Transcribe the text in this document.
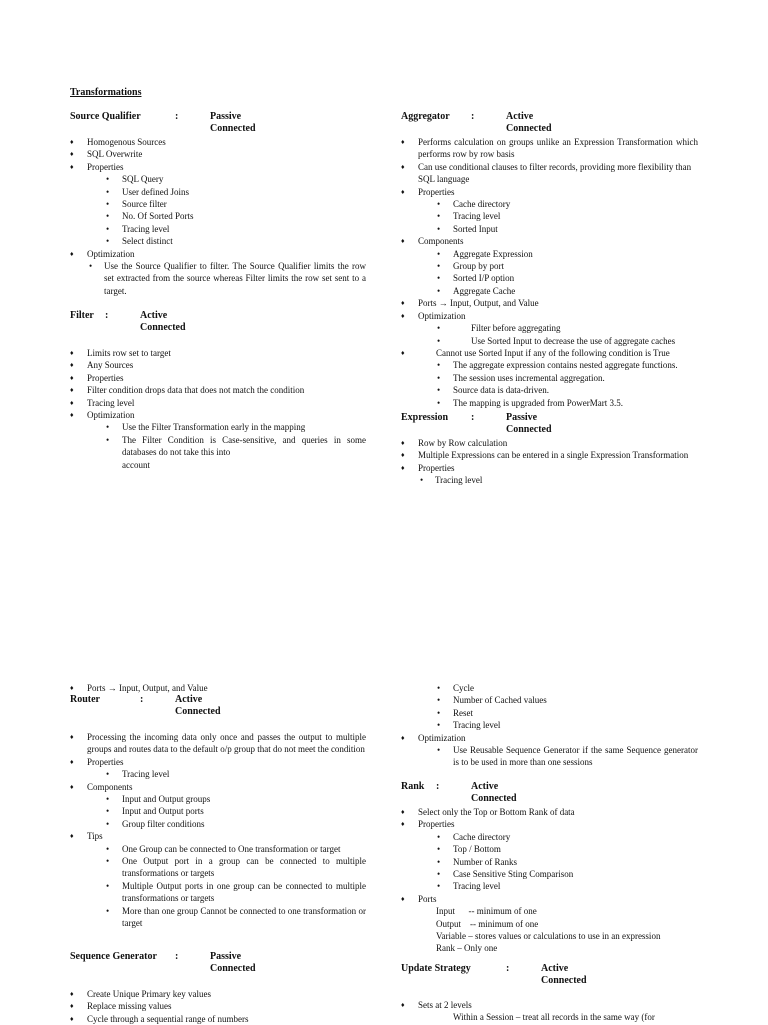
Transformations
Source Qualifier	:	Passive
Connected
♦ Homogenous Sources
♦ SQL Overwrite
♦ Properties
• SQL Query
• User defined Joins
• Source filter
• No. Of Sorted Ports
• Tracing level
• Select distinct
♦ Optimization
• Use the Source Qualifier to filter. The Source Qualifier limits the row set extracted from the source whereas Filter limits the row set sent to a target.
Filter :	Active
Connected
♦ Limits row set to target
♦ Any Sources
♦ Properties
♦ Filter condition drops data that does not match the condition
♦ Tracing level
♦ Optimization
• Use the Filter Transformation early in the mapping
• The Filter Condition is Case-sensitive, and queries in some databases do not take this into
account
Aggregator :	Active
Connected
♦ Performs calculation on groups unlike an Expression Transformation which performs row by row basis
♦ Can use conditional clauses to filter records, providing more flexibility than SQL language
♦ Properties
• Cache directory
• Tracing level
• Sorted Input
♦ Components
• Aggregate Expression
• Group by port
• Sorted I/P option
• Aggregate Cache
♦ Ports → Input, Output, and Value
♦ Optimization
•	Filter before aggregating
•	Use Sorted Input to decrease the use of aggregate caches
♦	Cannot use Sorted Input if any of the following condition is True
• The aggregate expression contains nested aggregate functions.
• The session uses incremental aggregation.
• Source data is data-driven.
• The mapping is upgraded from PowerMart 3.5.
Expression :	Passive
Connected
♦ Row by Row calculation
♦ Multiple Expressions can be entered in a single Expression Transformation
♦ Properties
• Tracing level
♦ Ports → Input, Output, and Value
Router	:	Active
Connected
♦ Processing the incoming data only once and passes the output to multiple groups and routes data to the default o/p group that do not meet the condition
♦ Properties
• Tracing level
♦ Components
• Input and Output groups
• Input and Output ports
• Group filter conditions
♦ Tips
• One Group can be connected to One transformation or target
• One Output port in a group can be connected to multiple transformations or targets
• Multiple Output ports in one group can be connected to multiple transformations or targets
• More than one group Cannot be connected to one transformation or target
Sequence Generator :	Passive
Connected
♦ Create Unique Primary key values
♦ Replace missing values
♦ Cycle through a sequential range of numbers
• Cycle
• Number of Cached values
• Reset
• Tracing level
♦ Optimization
• Use Reusable Sequence Generator if the same Sequence generator is to be used in more than one sessions
Rank :	Active
Connected
♦ Select only the Top or Bottom Rank of data
♦ Properties
• Cache directory
• Top / Bottom
• Number of Ranks
• Case Sensitive Sting Comparison
• Tracing level
♦ Ports
Input      -- minimum of one
Output    -- minimum of one
Variable – stores values or calculations to use in an expression
Rank – Only one
Update Strategy	:	Active
Connected
♦ Sets at 2 levels
Within a Session – treat all records in the same way (for
